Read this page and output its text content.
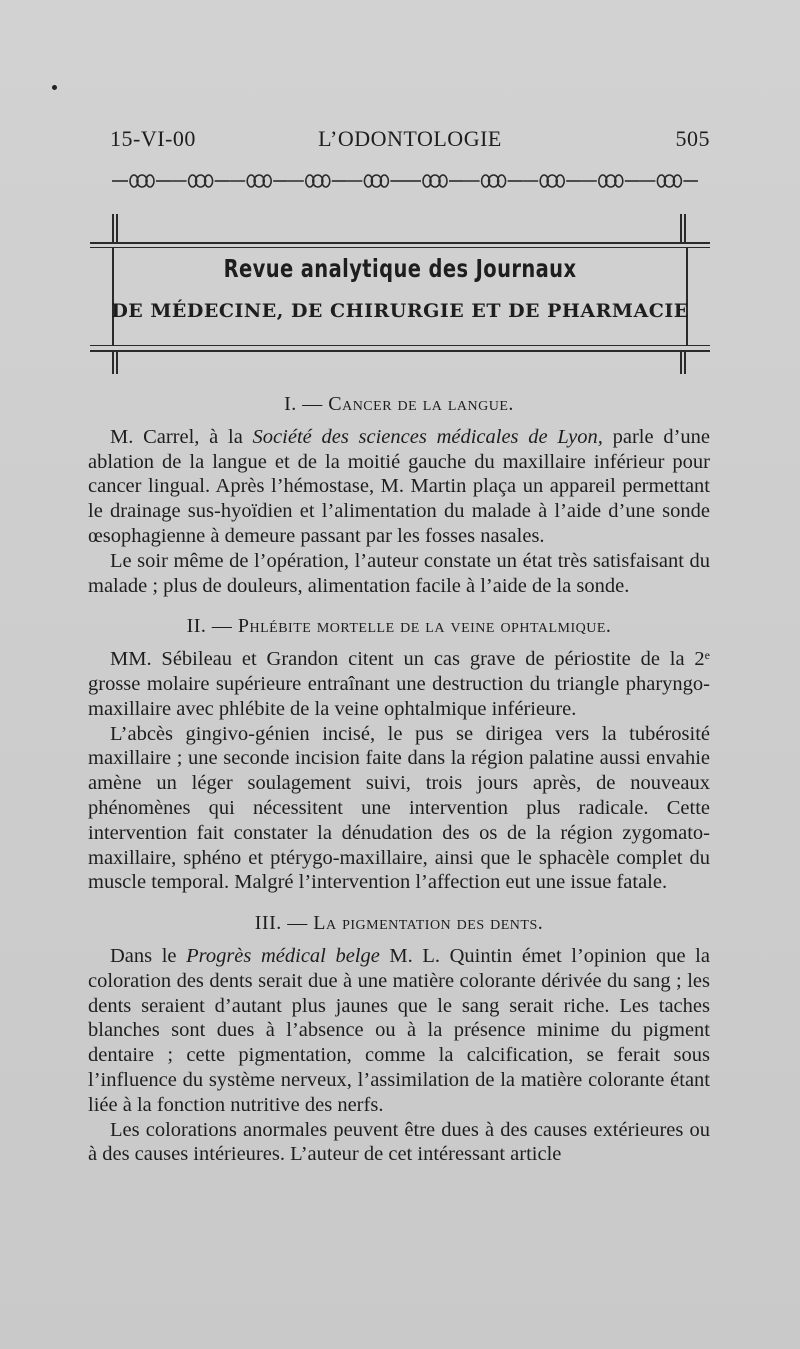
15-VI-00	L’ODONTOLOGIE	505
Revue analytique des Journaux
DE MÉDECINE, DE CHIRURGIE ET DE PHARMACIE
I. — Cancer de la langue.

M. Carrel, à la Société des sciences médicales de Lyon, parle d’une ablation de la langue et de la moitié gauche du maxillaire inférieur pour cancer lingual. Après l’hémostase, M. Martin plaça un appareil permettant le drainage sus-hyoïdien et l’alimentation du malade à l’aide d’une sonde œsophagienne à demeure passant par les fosses nasales.

Le soir même de l’opération, l’auteur constate un état très satisfaisant du malade ; plus de douleurs, alimentation facile à l’aide de la sonde.

II. — Phlébite mortelle de la veine ophtalmique.

MM. Sébileau et Grandon citent un cas grave de périostite de la 2e grosse molaire supérieure entraînant une destruction du triangle pharyngo-maxillaire avec phlébite de la veine ophtalmique inférieure.

L’abcès gingivo-génien incisé, le pus se dirigea vers la tubérosité maxillaire ; une seconde incision faite dans la région palatine aussi envahie amène un léger soulagement suivi, trois jours après, de nouveaux phénomènes qui nécessitent une intervention plus radicale. Cette intervention fait constater la dénudation des os de la région zygomato-maxillaire, sphéno et ptérygo-maxillaire, ainsi que le sphacèle complet du muscle temporal. Malgré l’intervention l’affection eut une issue fatale.

III. — La pigmentation des dents.

Dans le Progrès médical belge M. L. Quintin émet l’opinion que la coloration des dents serait due à une matière colorante dérivée du sang ; les dents seraient d’autant plus jaunes que le sang serait riche. Les taches blanches sont dues à l’absence ou à la présence minime du pigment dentaire ; cette pigmentation, comme la calcification, se ferait sous l’influence du système nerveux, l’assimilation de la matière colorante étant liée à la fonction nutritive des nerfs.

Les colorations anormales peuvent être dues à des causes extérieures ou à des causes intérieures. L’auteur de cet intéressant article
